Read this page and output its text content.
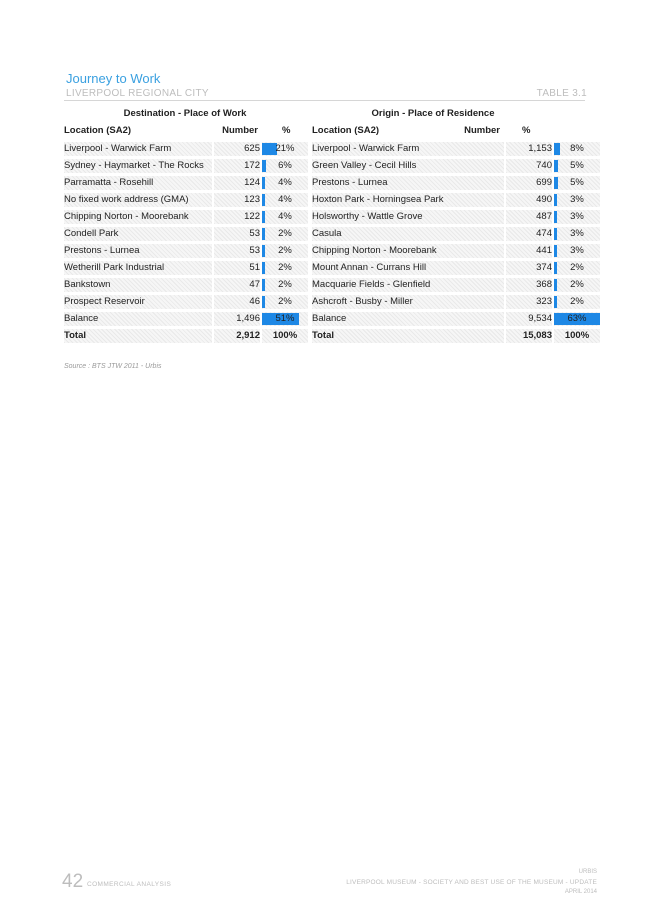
Journey to Work
LIVERPOOL REGIONAL CITY	TABLE 3.1
Destination - Place of Work	Origin - Place of Residence
Location (SA2)	Number	% Location (SA2)	Number %
Liverpool - Warwick Farm	625	21%	Liverpool - Warwick Farm	1,153	8%
Sydney - Haymarket - The Rocks	172	6%	Green Valley - Cecil Hills	740	5%
Parramatta - Rosehill	124	4%	Prestons - Lurnea	699	5%
No fixed work address (GMA)	123	4%	Hoxton Park - Horningsea Park	490	3%
Chipping Norton - Moorebank	122	4%	Holsworthy - Wattle Grove	487	3%
Condell Park	53	2%	Casula	474	3%
Prestons - Lurnea	53	2%	Chipping Norton - Moorebank	441	3%
Wetherill Park Industrial	51	2%	Mount Annan - Currans Hill	374	2%
Bankstown	47	2%	Macquarie Fields - Glenfield	368	2%
Prospect Reservoir	46	2%	Ashcroft - Busby - Miller	323	2%
Balance	1,496	51%	Balance	9,534	63%
Total	2,912	100%	Total	15,083	100%
Source : BTS JTW 2011 - Urbis
42 COMMERCIAL ANALYSIS
URBIS
LIVERPOOL MUSEUM - SOCIETY AND BEST USE OF THE MUSEUM - UPDATE
APRIL 2014
